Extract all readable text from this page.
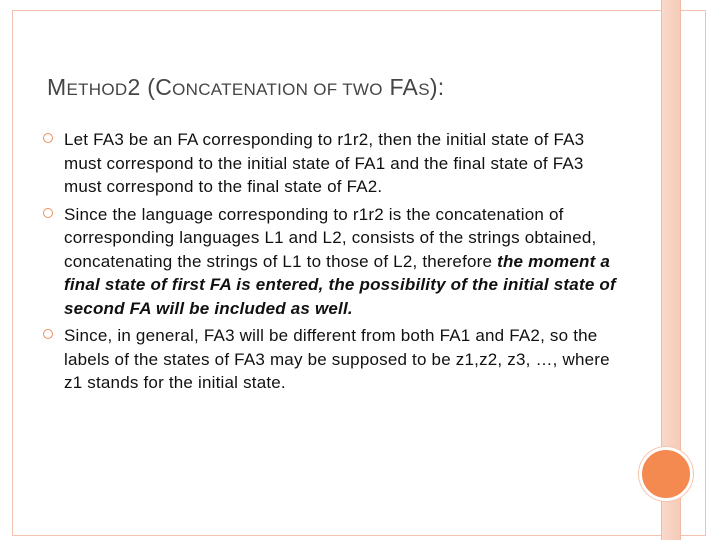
METHOD2 (CONCATENATION OF TWO FAS):
Let FA3 be an FA corresponding to r1r2, then the initial state of FA3 must correspond to the initial state of FA1 and the final state of FA3 must correspond to the final state of FA2.
Since the language corresponding to r1r2 is the concatenation of corresponding languages L1 and L2, consists of the strings obtained, concatenating the strings of L1 to those of L2, therefore the moment a final state of first FA is entered, the possibility of the initial state of second FA will be included as well.
Since, in general, FA3 will be different from both FA1 and FA2, so the labels of the states of FA3 may be supposed to be z1,z2, z3, …, where z1 stands for the initial state.
